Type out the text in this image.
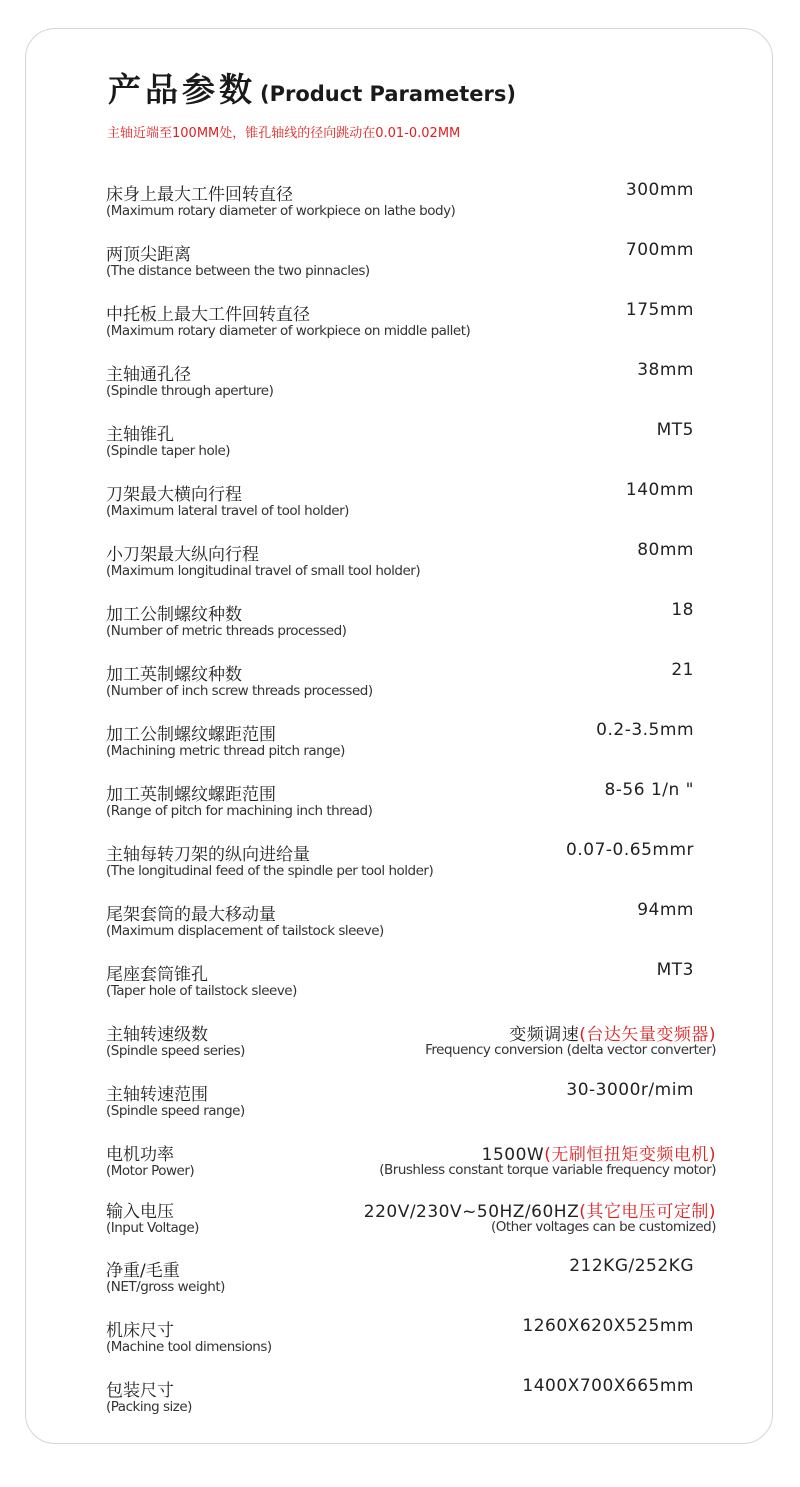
产品参数 (Product Parameters)
主轴近端至100MM处，锥孔轴线的径向跳动在0.01-0.02MM
床身上最大工件回转直径
(Maximum rotary diameter of workpiece on lathe body)
300mm
两顶尖距离
(The distance between the two pinnacles)
700mm
中托板上最大工件回转直径
(Maximum rotary diameter of workpiece on middle pallet)
175mm
主轴通孔径
(Spindle through aperture)
38mm
主轴锥孔
(Spindle taper hole)
MT5
刀架最大横向行程
(Maximum lateral travel of tool holder)
140mm
小刀架最大纵向行程
(Maximum longitudinal travel of small tool holder)
80mm
加工公制螺纹种数
(Number of metric threads processed)
18
加工英制螺纹种数
(Number of inch screw threads processed)
21
加工公制螺纹螺距范围
(Machining metric thread pitch range)
0.2-3.5mm
加工英制螺纹螺距范围
(Range of pitch for machining inch thread)
8-56 1/n "
主轴每转刀架的纵向进给量
(The longitudinal feed of the spindle per tool holder)
0.07-0.65mmr
尾架套筒的最大移动量
(Maximum displacement of tailstock sleeve)
94mm
尾座套筒锥孔
(Taper hole of tailstock sleeve)
MT3
主轴转速级数
(Spindle speed series)
变频调速(台达矢量变频器)
Frequency conversion (delta vector converter)
主轴转速范围
(Spindle speed range)
30-3000r/mim
电机功率
(Motor Power)
1500W(无刷恒扭矩变频电机)
(Brushless constant torque variable frequency motor)
输入电压
(Input Voltage)
220V/230V~50HZ/60HZ(其它电压可定制)
(Other voltages can be customized)
净重/毛重
(NET/gross weight)
212KG/252KG
机床尺寸
(Machine tool dimensions)
1260X620X525mm
包装尺寸
(Packing size)
1400X700X665mm
